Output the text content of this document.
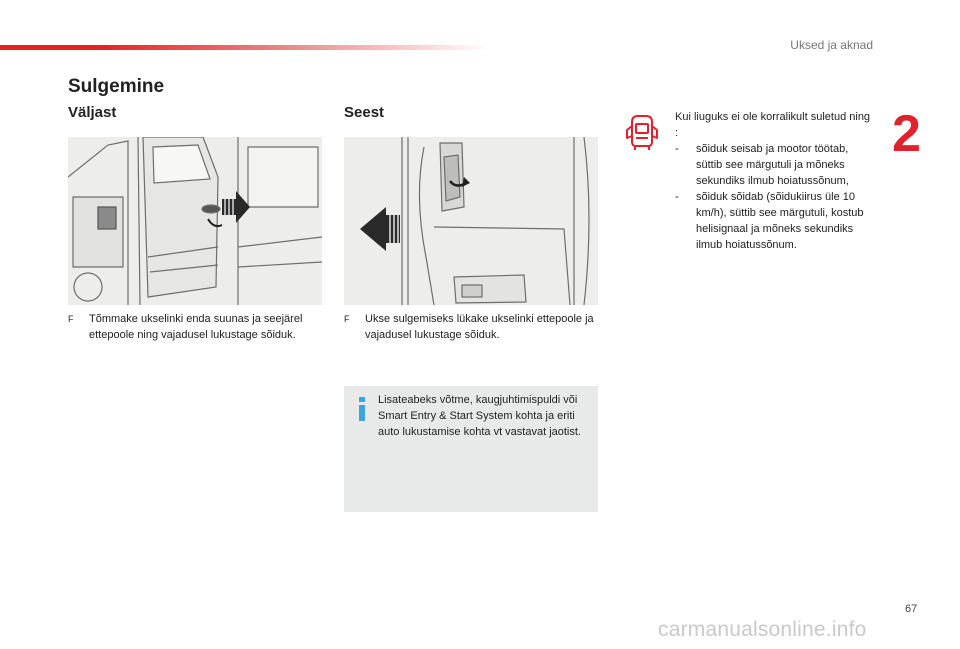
Uksed ja aknad
2
Sulgemine
Väljast	Seest
F	Tõmmake ukselinki enda suunas ja seejärel ettepoole ning vajadusel lukustage sõiduk.
F	Ukse sulgemiseks lükake ukselinki ettepoole ja vajadusel lukustage sõiduk.
Lisateabeks võtme, kaugjuhtimispuldi või Smart Entry & Start System kohta ja eriti auto lukustamise kohta vt vastavat jaotist.
Kui liuguks ei ole korralikult suletud ning :
- sõiduk seisab ja mootor töötab, süttib see märgutuli ja mõneks sekundiks ilmub hoiatussõnum,
- sõiduk sõidab (sõidukiirus üle 10 km/h), süttib see märgutuli, kostub helisignaal ja mõneks sekundiks ilmub hoiatussõnum.
67
carmanualsonline.info
